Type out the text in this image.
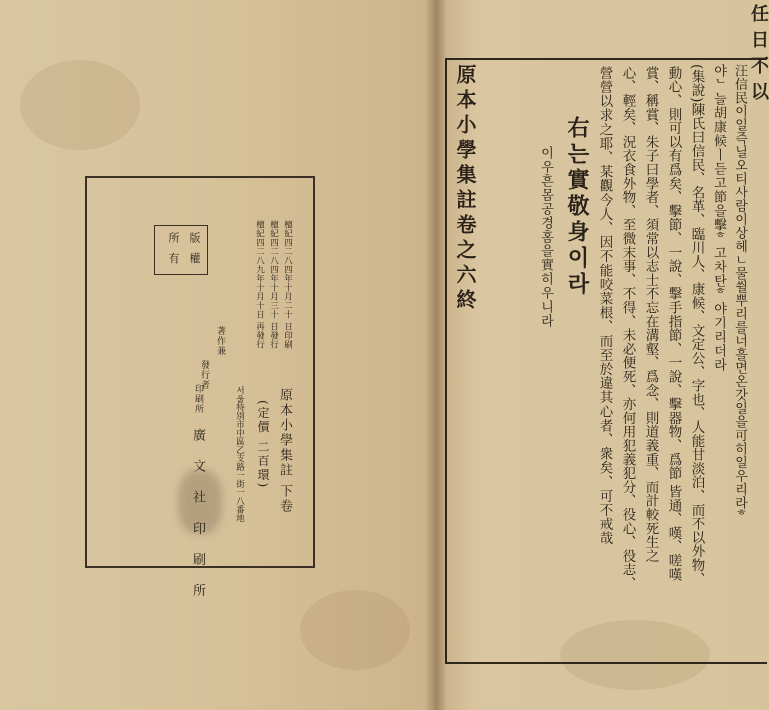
版 權
所 有	檀紀四二八四年十月二十 日印刷
檀紀四二八四年十月三十 日發行
檀紀四二八九年十月十日 再發行
原本小學集註 下卷
(定價 二百環)
서울特別市中區乙支路一街一八番地
著作兼
發行者
印刷所
廣 文 社 印 刷 所
任日不以
汪信民이일즉닐오티사람이상헤ㄴ물쓀뿌리를너흘면온갓일을可히일우리라ᄒ
야ᄂ늘胡康候ㅣ듣고節을擊ᄒ고차탄ᄒ야기리더라
(集說)陳氏曰信民、名革、臨川人、康候、文定公、字也、人能甘淡泊、而不以外物、
動心、則可以有爲矣、擊節、一說、擊手指節、一說、擊器物、爲節 皆通、嘆、嗟嘆
賞、稱賞、朱子曰學者、須常以志士不忘在溝壑、爲念、則道義重、而計較死生之
心、輕矣、況衣食外物、至微末事、不得、未必便死、亦何用犯義犯分、役心、役志、
營營以求之耶、某觀今人、因不能咬菜根、而至於違其心者、衆矣、可不戒哉
右는實敬身이라
이우흔몸공경홈을實히우니라
原本小學集註卷之六終
